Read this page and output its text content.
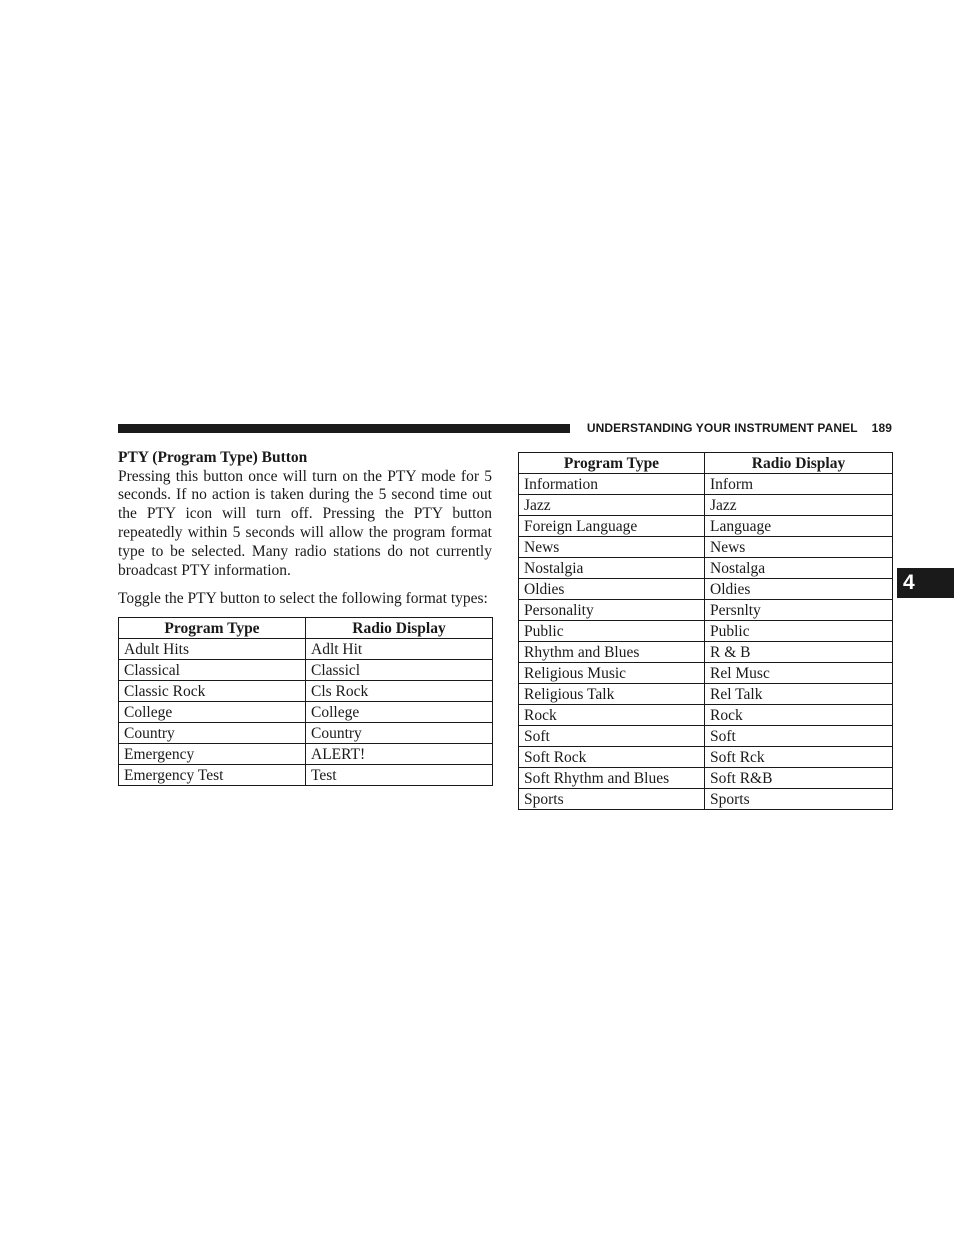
UNDERSTANDING YOUR INSTRUMENT PANEL 189
4

PTY (Program Type) Button

Pressing this button once will turn on the PTY mode for 5 seconds. If no action is taken during the 5 second time out the PTY icon will turn off. Pressing the PTY button repeatedly within 5 seconds will allow the program format type to be selected. Many radio stations do not currently broadcast PTY information.

Toggle the PTY button to select the following format types:

Program Type	Radio Display
Adult Hits	Adlt Hit
Classical	Classicl
Classic Rock	Cls Rock
College	College
Country	Country
Emergency	ALERT!
Emergency Test	Test
Program Type	Radio Display
Information	Inform
Jazz	Jazz
Foreign Language	Language
News	News
Nostalgia	Nostalga
Oldies	Oldies
Personality	Persnlty
Public	Public
Rhythm and Blues	R & B
Religious Music	Rel Musc
Religious Talk	Rel Talk
Rock	Rock
Soft	Soft
Soft Rock	Soft Rck
Soft Rhythm and Blues	Soft R&B
Sports	Sports
